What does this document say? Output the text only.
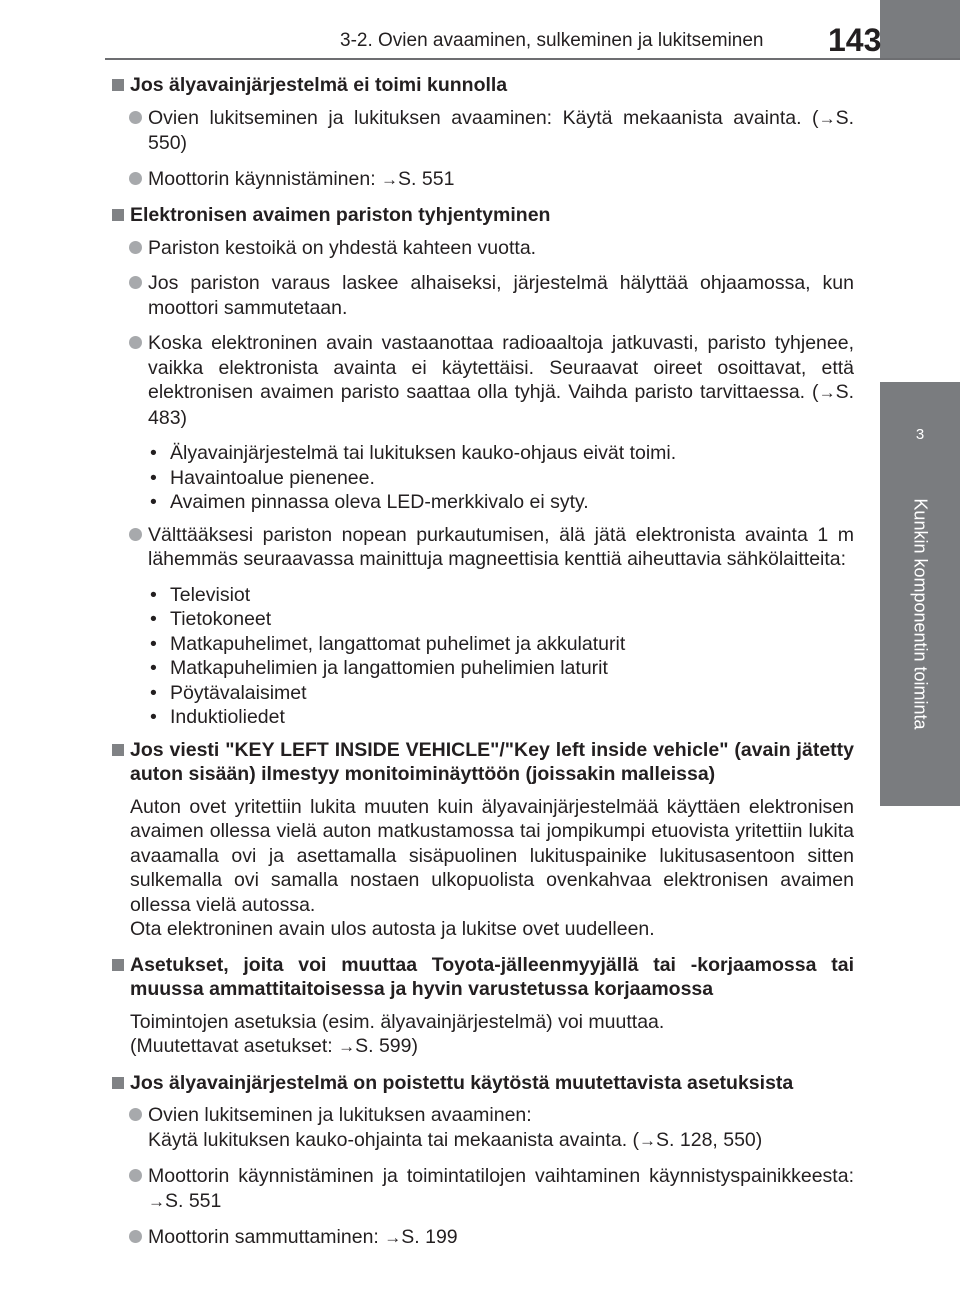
3-2. Ovien avaaminen, sulkeminen ja lukitseminen 143
3
Kunkin komponentin toiminta
Jos älyavainjärjestelmä ei toimi kunnolla
Ovien lukitseminen ja lukituksen avaaminen: Käytä mekaanista avainta. (→S. 550)
Moottorin käynnistäminen: →S. 551
Elektronisen avaimen pariston tyhjentyminen
Pariston kestoikä on yhdestä kahteen vuotta.
Jos pariston varaus laskee alhaiseksi, järjestelmä hälyttää ohjaamossa, kun moottori sammutetaan.
Koska elektroninen avain vastaanottaa radioaaltoja jatkuvasti, paristo tyhjenee, vaikka elektronista avainta ei käytettäisi. Seuraavat oireet osoittavat, että elektronisen avaimen paristo saattaa olla tyhjä. Vaihda paristo tarvittaessa. (→S. 483)
• Älyavainjärjestelmä tai lukituksen kauko-ohjaus eivät toimi.
• Havaintoalue pienenee.
• Avaimen pinnassa oleva LED-merkkivalo ei syty.
Välttääksesi pariston nopean purkautumisen, älä jätä elektronista avainta 1 m lähemmäs seuraavassa mainittuja magneettisia kenttiä aiheuttavia sähkölaitteita:
• Televisiot
• Tietokoneet
• Matkapuhelimet, langattomat puhelimet ja akkulaturit
• Matkapuhelimien ja langattomien puhelimien laturit
• Pöytävalaisimet
• Induktioliedet
Jos viesti "KEY LEFT INSIDE VEHICLE"/"Key left inside vehicle" (avain jätetty auton sisään) ilmestyy monitoiminäyttöön (joissakin malleissa)
Auton ovet yritettiin lukita muuten kuin älyavainjärjestelmää käyttäen elektronisen avaimen ollessa vielä auton matkustamossa tai jompikumpi etuovista yritettiin lukita avaamalla ovi ja asettamalla sisäpuolinen lukituspainike lukitusasentoon sitten sulkemalla ovi samalla nostaen ulkopuolista ovenkahvaa elektronisen avaimen ollessa vielä autossa.
Ota elektroninen avain ulos autosta ja lukitse ovet uudelleen.
Asetukset, joita voi muuttaa Toyota-jälleenmyyjällä tai -korjaamossa tai muussa ammattitaitoisessa ja hyvin varustetussa korjaamossa
Toimintojen asetuksia (esim. älyavainjärjestelmä) voi muuttaa.
(Muutettavat asetukset: →S. 599)
Jos älyavainjärjestelmä on poistettu käytöstä muutettavista asetuksista
Ovien lukitseminen ja lukituksen avaaminen:
Käytä lukituksen kauko-ohjainta tai mekaanista avainta. (→S. 128, 550)
Moottorin käynnistäminen ja toimintatilojen vaihtaminen käynnistyspainikkeesta: →S. 551
Moottorin sammuttaminen: →S. 199
